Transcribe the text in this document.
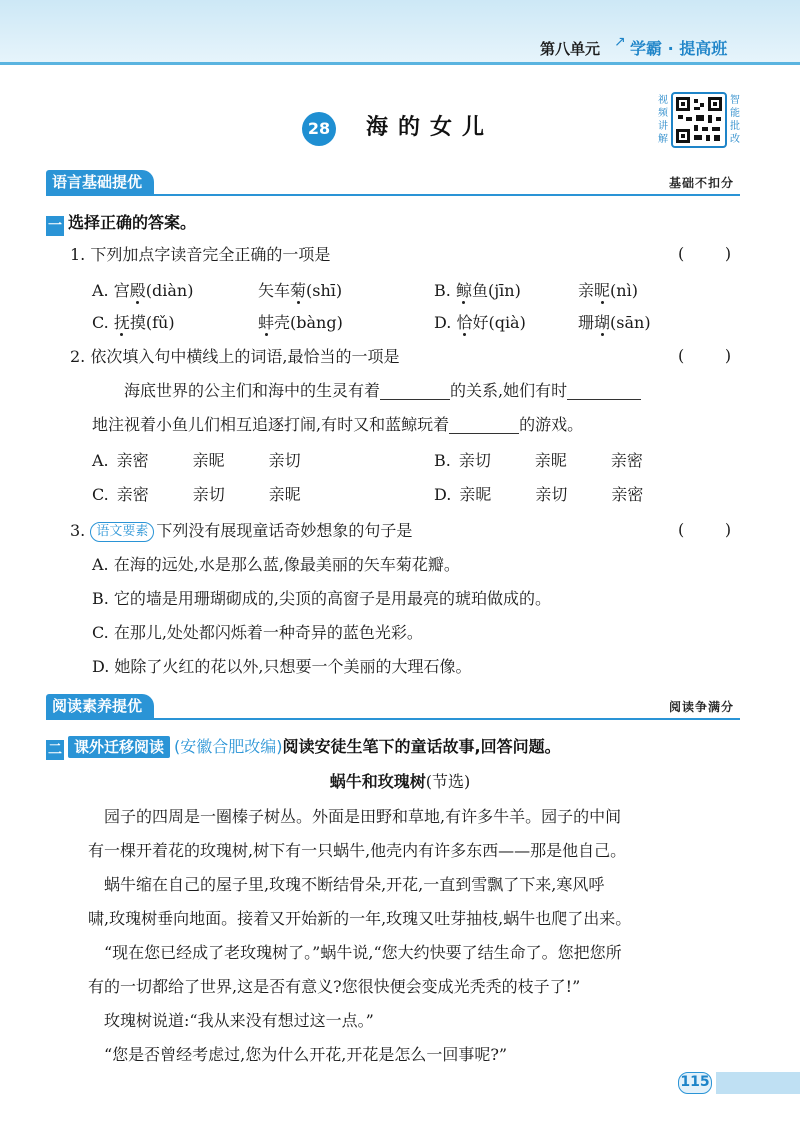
第八单元 ↗ 学霸 · 提高班
28 海的女儿
视频讲解
智能批改
语言基础提优	基础不扣分
一 选择正确的答案。
1. 下列加点字读音完全正确的一项是	(        )
A. 宫殿(diàn)	矢车菊(shī)	B. 鲸鱼(jīn)	亲昵(nì)
C. 抚摸(fǔ)	蚌壳(bàng)	D. 恰好(qià)	珊瑚(sān)
2. 依次填入句中横线上的词语,最恰当的一项是	(        )
海底世界的公主们和海中的生灵有着	的关系,她们有时
地注视着小鱼儿们相互追逐打闹,有时又和蓝鲸玩着	的游戏。
A. 亲密	亲昵	亲切	B. 亲切	亲昵	亲密
C. 亲密	亲切	亲昵	D. 亲昵	亲切	亲密
3. 语文要素 下列没有展现童话奇妙想象的句子是	(        )
A. 在海的远处,水是那么蓝,像最美丽的矢车菊花瓣。
B. 它的墙是用珊瑚砌成的,尖顶的高窗子是用最亮的琥珀做成的。
C. 在那儿,处处都闪烁着一种奇异的蓝色光彩。
D. 她除了火红的花以外,只想要一个美丽的大理石像。
阅读素养提优	阅读争满分
二 课外迁移阅读 (安徽合肥改编)阅读安徒生笔下的童话故事,回答问题。
蜗牛和玫瑰树(节选)
园子的四周是一圈榛子树丛。外面是田野和草地,有许多牛羊。园子的中间
有一棵开着花的玫瑰树,树下有一只蜗牛,他壳内有许多东西——那是他自己。
蜗牛缩在自己的屋子里,玫瑰不断结骨朵,开花,一直到雪飘了下来,寒风呼
啸,玫瑰树垂向地面。接着又开始新的一年,玫瑰又吐芽抽枝,蜗牛也爬了出来。
“现在您已经成了老玫瑰树了。”蜗牛说,“您大约快要了结生命了。您把您所
有的一切都给了世界,这是否有意义?您很快便会变成光秃秃的枝子了!”
玫瑰树说道:“我从来没有想过这一点。”
“您是否曾经考虑过,您为什么开花,开花是怎么一回事呢?”
115
